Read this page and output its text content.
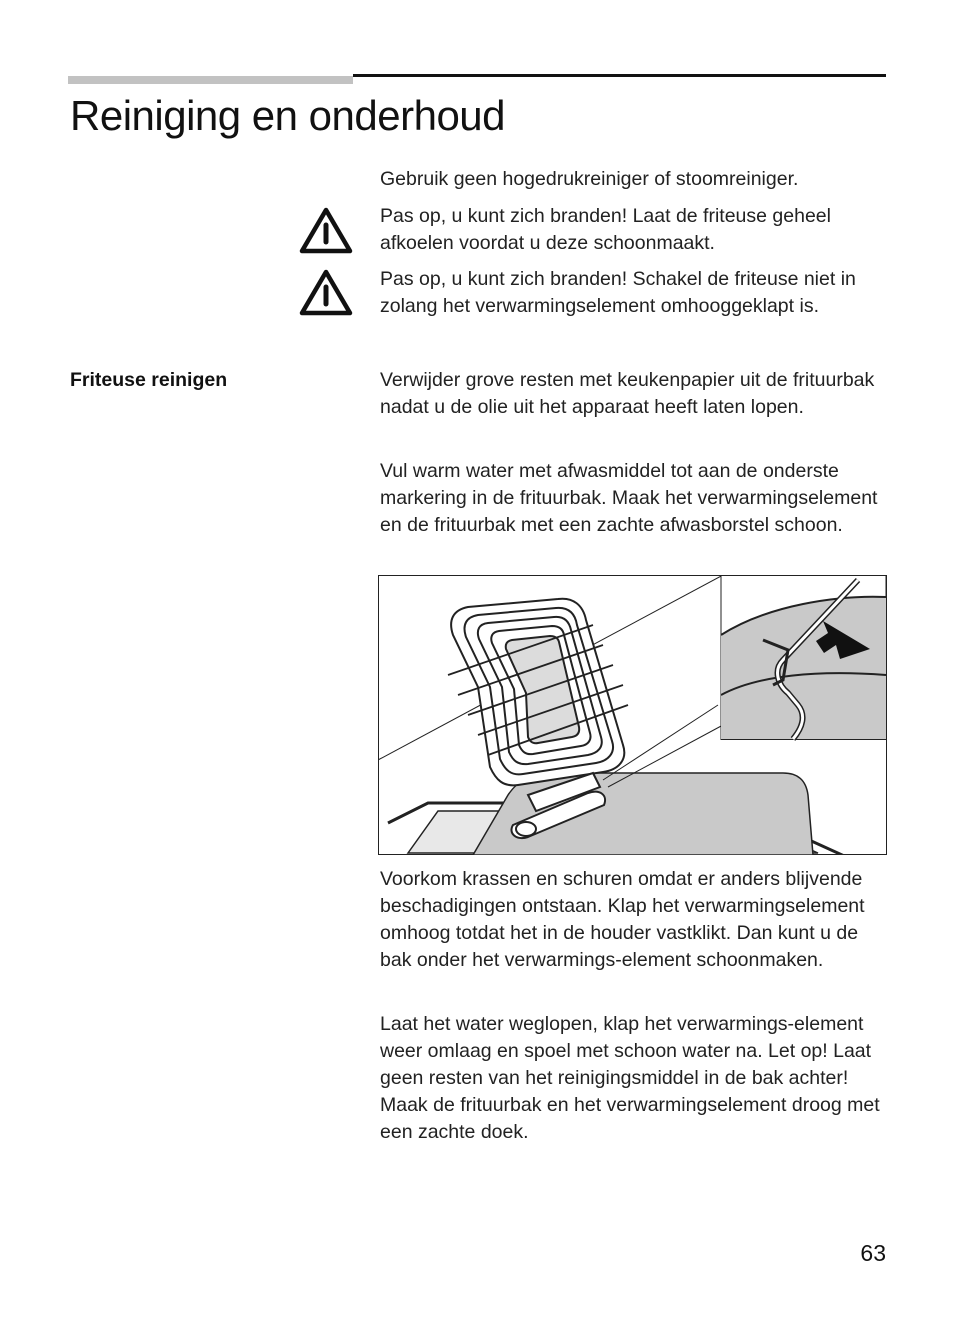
Reiniging en onderhoud

Gebruik geen hogedrukreiniger of stoomreiniger.

Pas op, u kunt zich branden! Laat de friteuse geheel afkoelen voordat u deze schoonmaakt.

Pas op, u kunt zich branden! Schakel de friteuse niet in zolang het verwarmingselement omhooggeklapt is.

Friteuse reinigen	Verwijder grove resten met keukenpapier uit de frituurbak nadat u de olie uit het apparaat heeft laten lopen.

Vul warm water met afwasmiddel tot aan de onderste markering in de frituurbak. Maak het verwarmingselement en de frituurbak met een zachte afwasborstel schoon.

Voorkom krassen en schuren omdat er anders blijvende beschadigingen ontstaan. Klap het verwarmingselement omhoog totdat het in de houder vastklikt. Dan kunt u de bak onder het verwarmings-element schoonmaken.

Laat het water weglopen, klap het verwarmings-element weer omlaag en spoel met schoon water na. Let op! Laat geen resten van het reinigingsmiddel in de bak achter! Maak de frituurbak en het verwarmingselement droog met een zachte doek.

63
